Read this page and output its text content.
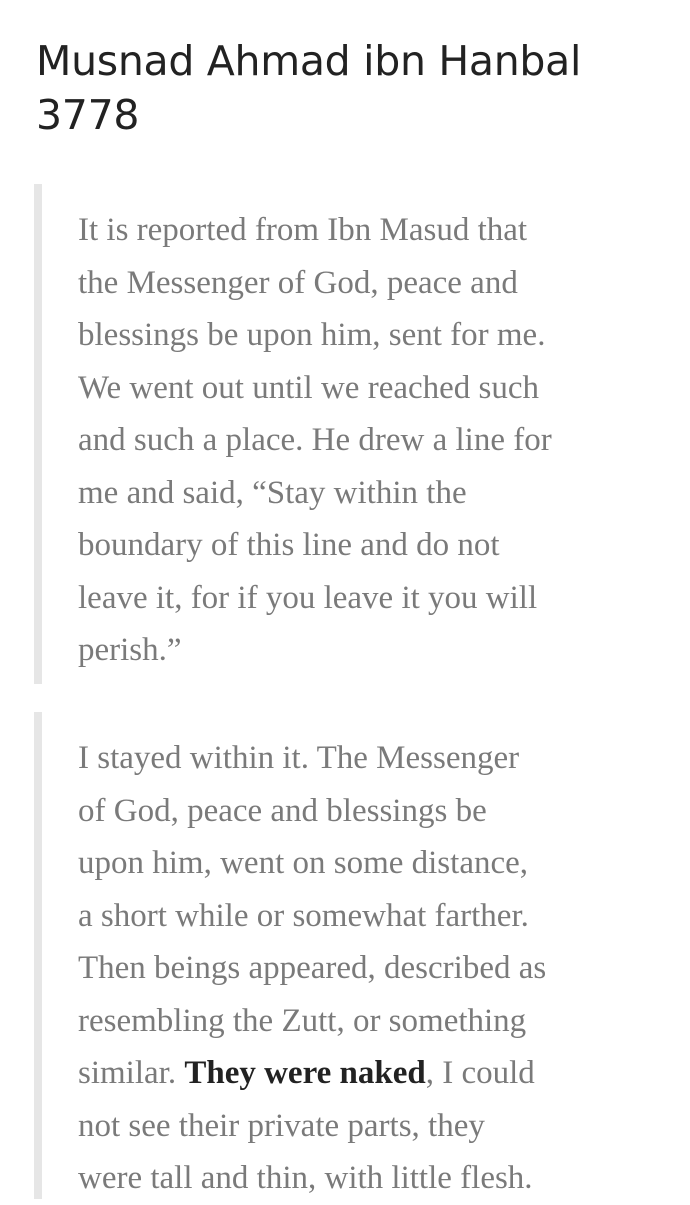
Musnad Ahmad ibn Hanbal 3778

It is reported from Ibn Masud that
the Messenger of God, peace and
blessings be upon him, sent for me.
We went out until we reached such
and such a place. He drew a line for
me and said, “Stay within the
boundary of this line and do not
leave it, for if you leave it you will
perish.”

I stayed within it. The Messenger
of God, peace and blessings be
upon him, went on some distance,
a short while or somewhat farther.
Then beings appeared, described as
resembling the Zutt, or something
similar. They were naked, I could
not see their private parts, they
were tall and thin, with little flesh.
